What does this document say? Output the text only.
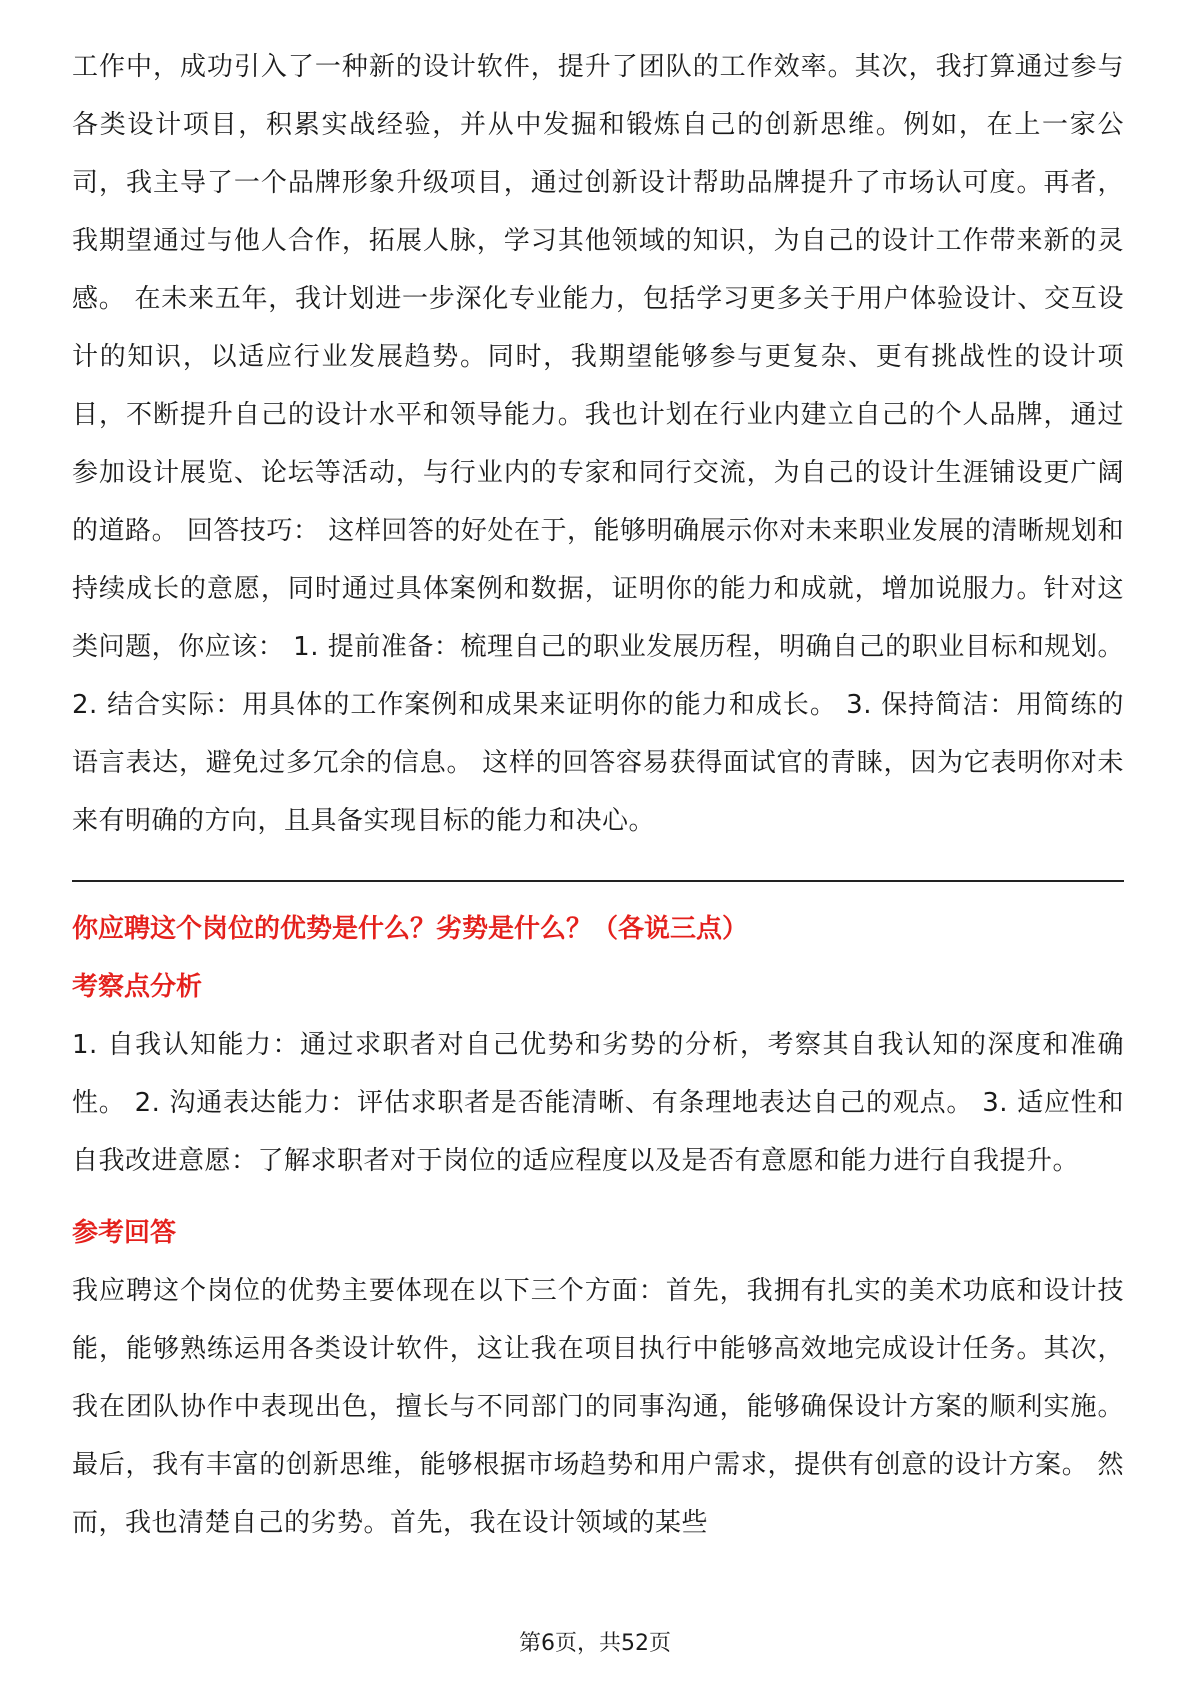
工作中，成功引入了一种新的设计软件，提升了团队的工作效率。其次，我打算通过参与各类设计项目，积累实战经验，并从中发掘和锻炼自己的创新思维。例如，在上一家公司，我主导了一个品牌形象升级项目，通过创新设计帮助品牌提升了市场认可度。再者，我期望通过与他人合作，拓展人脉，学习其他领域的知识，为自己的设计工作带来新的灵感。 在未来五年，我计划进一步深化专业能力，包括学习更多关于用户体验设计、交互设计的知识，以适应行业发展趋势。同时，我期望能够参与更复杂、更有挑战性的设计项目，不断提升自己的设计水平和领导能力。我也计划在行业内建立自己的个人品牌，通过参加设计展览、论坛等活动，与行业内的专家和同行交流，为自己的设计生涯铺设更广阔的道路。 回答技巧： 这样回答的好处在于，能够明确展示你对未来职业发展的清晰规划和持续成长的意愿，同时通过具体案例和数据，证明你的能力和成就，增加说服力。针对这类问题，你应该： 1. 提前准备：梳理自己的职业发展历程，明确自己的职业目标和规划。 2. 结合实际：用具体的工作案例和成果来证明你的能力和成长。 3. 保持简洁：用简练的语言表达，避免过多冗余的信息。 这样的回答容易获得面试官的青睐，因为它表明你对未来有明确的方向，且具备实现目标的能力和决心。

你应聘这个岗位的优势是什么？劣势是什么？（各说三点）

考察点分析

1. 自我认知能力：通过求职者对自己优势和劣势的分析，考察其自我认知的深度和准确性。 2. 沟通表达能力：评估求职者是否能清晰、有条理地表达自己的观点。 3. 适应性和自我改进意愿：了解求职者对于岗位的适应程度以及是否有意愿和能力进行自我提升。

参考回答

我应聘这个岗位的优势主要体现在以下三个方面：首先，我拥有扎实的美术功底和设计技能，能够熟练运用各类设计软件，这让我在项目执行中能够高效地完成设计任务。其次，我在团队协作中表现出色，擅长与不同部门的同事沟通，能够确保设计方案的顺利实施。最后，我有丰富的创新思维，能够根据市场趋势和用户需求，提供有创意的设计方案。 然而，我也清楚自己的劣势。首先，我在设计领域的某些

第6页，共52页
